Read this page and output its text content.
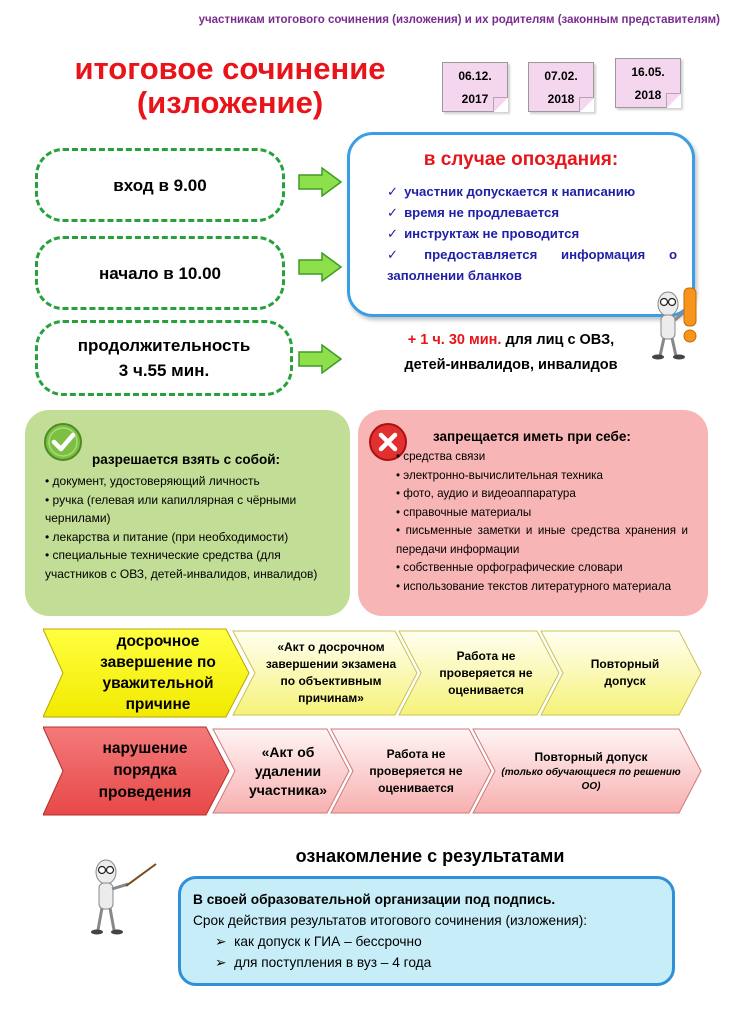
участникам итогового сочинения (изложения) и их родителям (законным представителям)
итоговое сочинение
(изложение)
06.12.
2017
07.02.
2018
16.05.
2018
вход в 9.00
начало в 10.00
продолжительность
3 ч.55 мин.
в случае опоздания:
✓ участник допускается к написанию
✓ время не продлевается
✓ инструктаж не проводится
✓ предоставляется информация о заполнении бланков
+ 1 ч. 30 мин. для лиц с ОВЗ,
детей-инвалидов, инвалидов
разрешается взять с собой:
• документ, удостоверяющий личность
• ручка (гелевая или капиллярная с чёрными чернилами)
• лекарства и питание (при необходимости)
• специальные технические средства (для участников с ОВЗ, детей-инвалидов, инвалидов)
запрещается иметь при себе:
• средства связи
• электронно-вычислительная техника
• фото, аудио и видеоаппаратура
• справочные материалы
• письменные заметки и иные средства хранения и передачи информации
• собственные орфографические словари
• использование текстов литературного материала
досрочное завершение по уважительной причине
«Акт о досрочном завершении экзамена по объективным причинам»
Работа не проверяется не оценивается
Повторный допуск
нарушение порядка проведения
«Акт об удалении участника»
Работа не проверяется не оценивается
Повторный допуск
(только обучающиеся по решению ОО)
ознакомление с результатами
В своей образовательной организации под подпись.
Срок действия результатов итогового сочинения (изложения):
➢ как допуск к ГИА – бессрочно
➢ для поступления в вуз – 4 года
